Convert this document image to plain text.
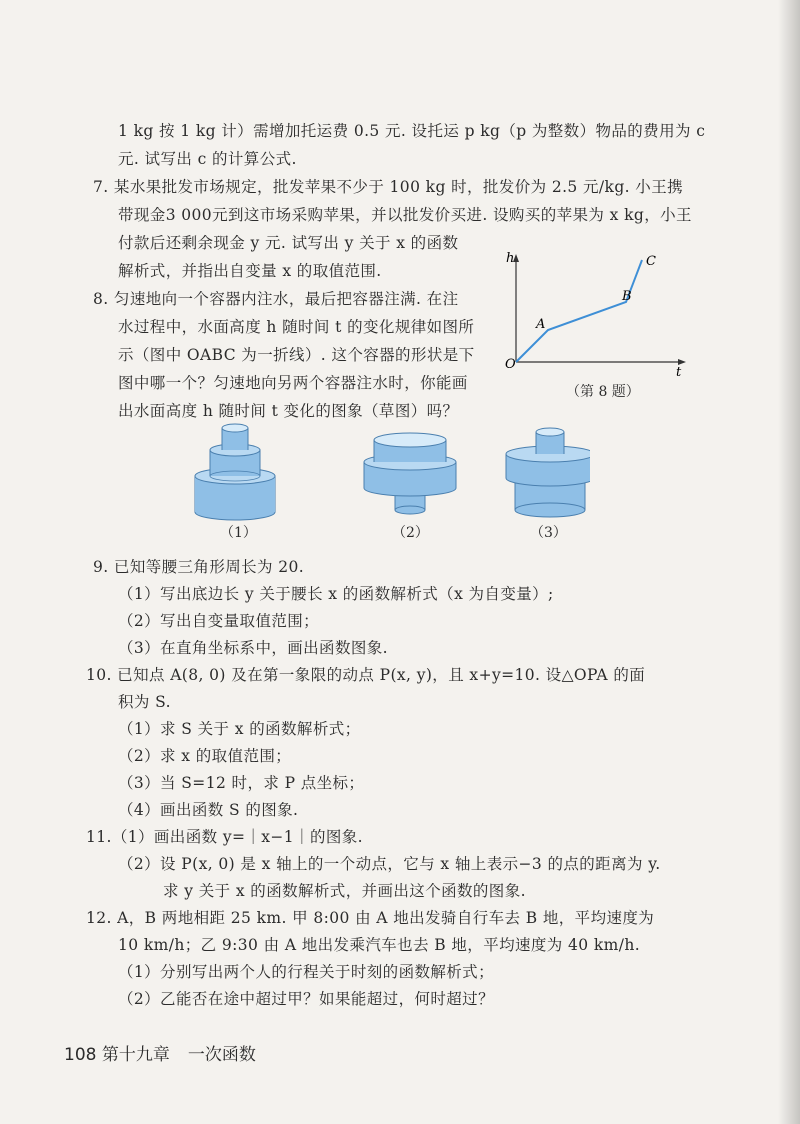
1 kg 按 1 kg 计）需增加托运费 0.5 元. 设托运 p kg（p 为整数）物品的费用为 c
元. 试写出 c 的计算公式.
7. 某水果批发市场规定，批发苹果不少于 100 kg 时，批发价为 2.5 元/kg. 小王携
带现金3 000元到这市场采购苹果，并以批发价买进. 设购买的苹果为 x kg，小王
付款后还剩余现金 y 元. 试写出 y 关于 x 的函数
解析式，并指出自变量 x 的取值范围.
8. 匀速地向一个容器内注水，最后把容器注满. 在注
水过程中，水面高度 h 随时间 t 的变化规律如图所
示（图中 OABC 为一折线）. 这个容器的形状是下
图中哪一个？匀速地向另两个容器注水时，你能画
出水面高度 h 随时间 t 变化的图象（草图）吗？
h
t
O
A
B
C
（第 8 题）
（1）	（2）	（3）
9. 已知等腰三角形周长为 20.
（1）写出底边长 y 关于腰长 x 的函数解析式（x 为自变量）;
（2）写出自变量取值范围；
（3）在直角坐标系中，画出函数图象.
10. 已知点 A(8, 0) 及在第一象限的动点 P(x, y)，且 x+y=10. 设△OPA 的面
积为 S.
（1）求 S 关于 x 的函数解析式；
（2）求 x 的取值范围；
（3）当 S=12 时，求 P 点坐标；
（4）画出函数 S 的图象.
11.（1）画出函数 y=｜x−1｜的图象.
（2）设 P(x, 0) 是 x 轴上的一个动点，它与 x 轴上表示−3 的点的距离为 y.
求 y 关于 x 的函数解析式，并画出这个函数的图象.
12. A，B 两地相距 25 km. 甲 8:00 由 A 地出发骑自行车去 B 地，平均速度为
10 km/h；乙 9:30 由 A 地出发乘汽车也去 B 地，平均速度为 40 km/h.
（1）分别写出两个人的行程关于时刻的函数解析式；
（2）乙能否在途中超过甲？如果能超过，何时超过？
108 第十九章 一次函数
